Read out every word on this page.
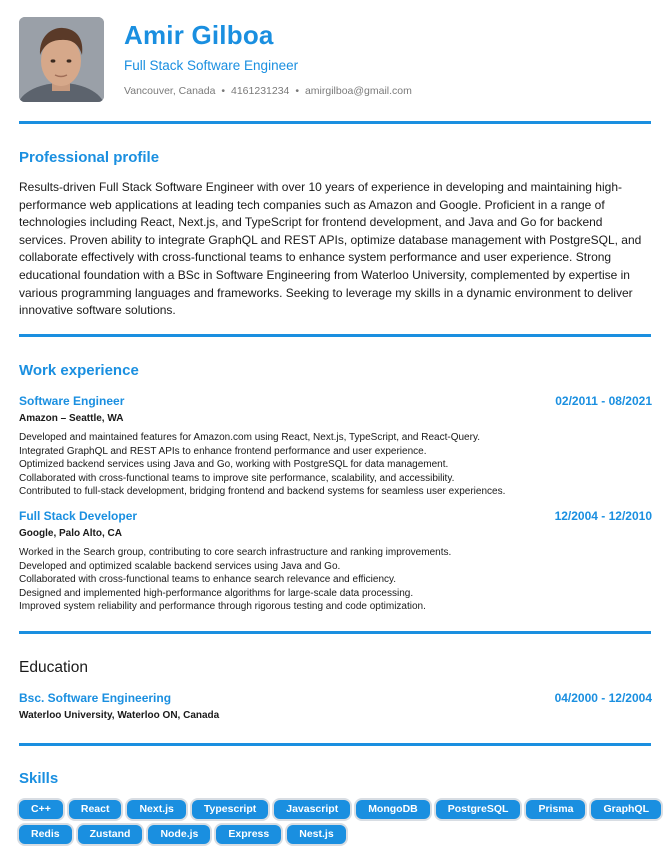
Amir Gilboa
Full Stack Software Engineer
Vancouver, Canada • 4161231234 • amirgilboa@gmail.com
Professional profile
Results-driven Full Stack Software Engineer with over 10 years of experience in developing and maintaining high-performance web applications at leading tech companies such as Amazon and Google. Proficient in a range of technologies including React, Next.js, and TypeScript for frontend development, and Java and Go for backend services. Proven ability to integrate GraphQL and REST APIs, optimize database management with PostgreSQL, and collaborate effectively with cross-functional teams to enhance system performance and user experience. Strong educational foundation with a BSc in Software Engineering from Waterloo University, complemented by expertise in various programming languages and frameworks. Seeking to leverage my skills in a dynamic environment to deliver innovative software solutions.
Work experience
Software Engineer	02/2011 - 08/2021
Amazon – Seattle, WA
Developed and maintained features for Amazon.com using React, Next.js, TypeScript, and React-Query.
Integrated GraphQL and REST APIs to enhance frontend performance and user experience.
Optimized backend services using Java and Go, working with PostgreSQL for data management.
Collaborated with cross-functional teams to improve site performance, scalability, and accessibility.
Contributed to full-stack development, bridging frontend and backend systems for seamless user experiences.
Full Stack Developer	12/2004 - 12/2010
Google, Palo Alto, CA
Worked in the Search group, contributing to core search infrastructure and ranking improvements.
Developed and optimized scalable backend services using Java and Go.
Collaborated with cross-functional teams to enhance search relevance and efficiency.
Designed and implemented high-performance algorithms for large-scale data processing.
Improved system reliability and performance through rigorous testing and code optimization.
Education
Bsc. Software Engineering	04/2000 - 12/2004
Waterloo University, Waterloo ON, Canada
Skills
C++	React	Next.js	Typescript	Javascript	MongoDB	PostgreSQL	Prisma	GraphQL
Redis	Zustand	Node.js	Express	Nest.js
